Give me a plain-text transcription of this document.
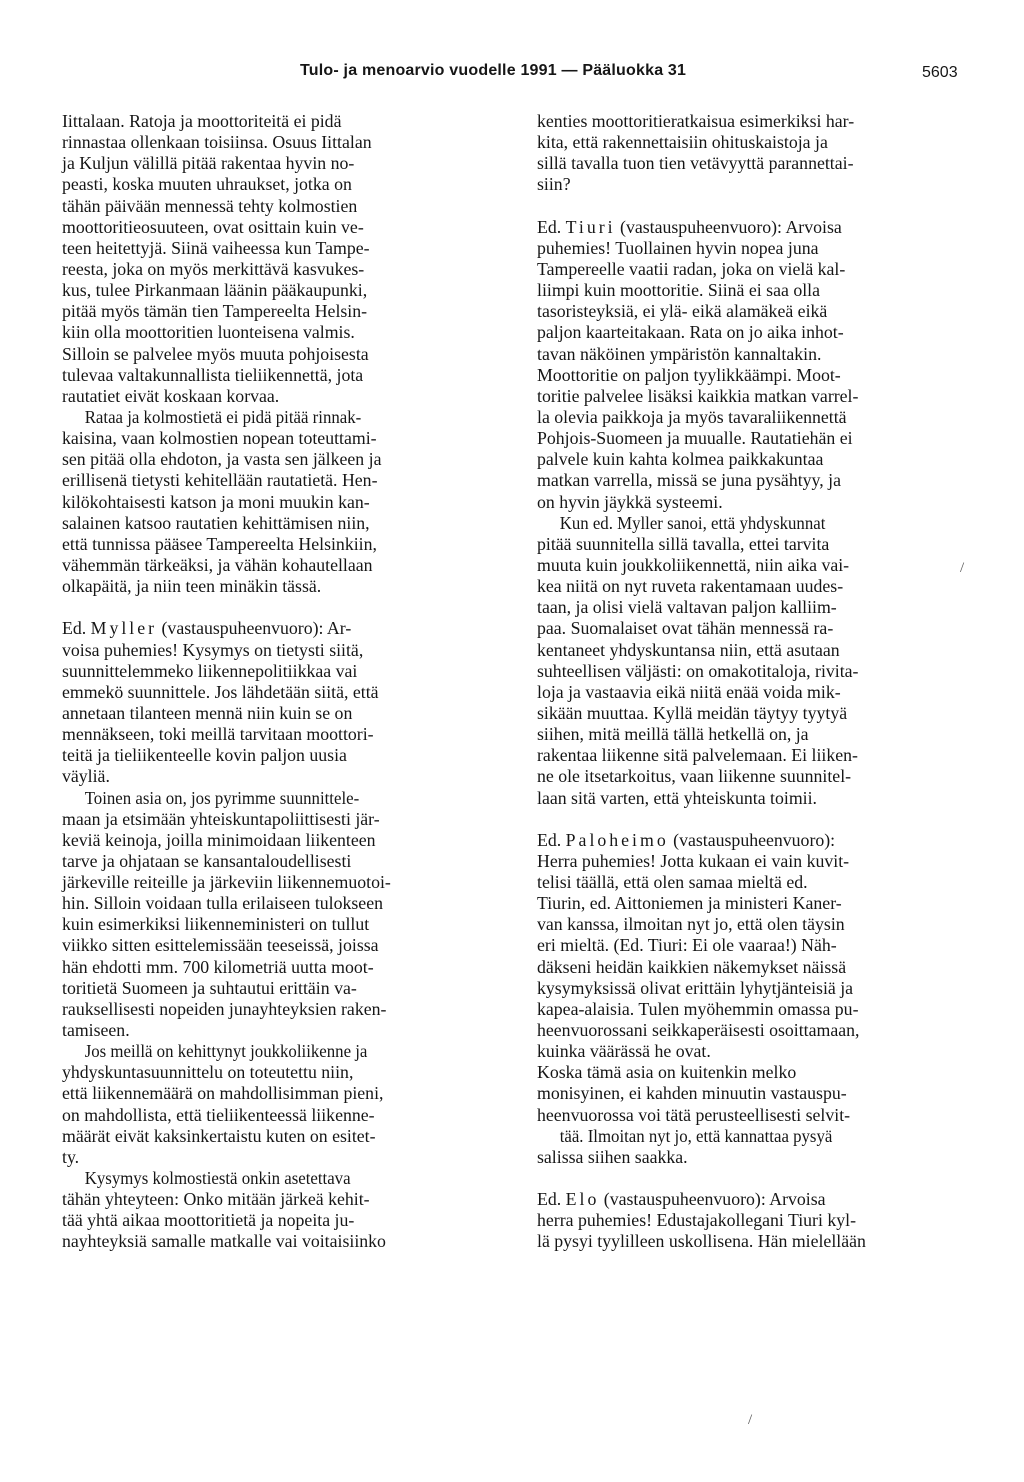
Tulo- ja menoarvio vuodelle 1991 — Pääluokka 31	5603
Iittalaan. Ratoja ja moottoriteitä ei pidä
rinnastaa ollenkaan toisiinsa. Osuus Iittalan
ja Kuljun välillä pitää rakentaa hyvin no-
peasti, koska muuten uhraukset, jotka on
tähän päivään mennessä tehty kolmostien
moottoritieosuuteen, ovat osittain kuin ve-
teen heitettyjä. Siinä vaiheessa kun Tampe-
reesta, joka on myös merkittävä kasvukes-
kus, tulee Pirkanmaan läänin pääkaupunki,
pitää myös tämän tien Tampereelta Helsin-
kiin olla moottoritien luonteisena valmis.
Silloin se palvelee myös muuta pohjoisesta
tulevaa valtakunnallista tieliikennettä, jota
rautatiet eivät koskaan korvaa.
Rataa ja kolmostietä ei pidä pitää rinnak-
kaisina, vaan kolmostien nopean toteuttami-
sen pitää olla ehdoton, ja vasta sen jälkeen ja
erillisenä tietysti kehitellään rautatietä. Hen-
kilökohtaisesti katson ja moni muukin kan-
salainen katsoo rautatien kehittämisen niin,
että tunnissa pääsee Tampereelta Helsinkiin,
vähemmän tärkeäksi, ja vähän kohautellaan
olkapäitä, ja niin teen minäkin tässä.
Ed. Myller (vastauspuheenvuoro): Ar-
voisa puhemies! Kysymys on tietysti siitä,
suunnittelemmeko liikennepolitiikkaa vai
emmekö suunnittele. Jos lähdetään siitä, että
annetaan tilanteen mennä niin kuin se on
mennäkseen, toki meillä tarvitaan moottori-
teitä ja tieliikenteelle kovin paljon uusia
väyliä.
Toinen asia on, jos pyrimme suunnittele-
maan ja etsimään yhteiskuntapoliittisesti jär-
keviä keinoja, joilla minimoidaan liikenteen
tarve ja ohjataan se kansantaloudellisesti
järkeville reiteille ja järkeviin liikennemuotoi-
hin. Silloin voidaan tulla erilaiseen tulokseen
kuin esimerkiksi liikenneministeri on tullut
viikko sitten esittelemissään teeseissä, joissa
hän ehdotti mm. 700 kilometriä uutta moot-
toritietä Suomeen ja suhtautui erittäin va-
rauksellisesti nopeiden junayhteyksien raken-
tamiseen.
Jos meillä on kehittynyt joukkoliikenne ja
yhdyskuntasuunnittelu on toteutettu niin,
että liikennemäärä on mahdollisimman pieni,
on mahdollista, että tieliikenteessä liikenne-
määrät eivät kaksinkertaistu kuten on esitet-
ty.
Kysymys kolmostiestä onkin asetettava
tähän yhteyteen: Onko mitään järkeä kehit-
tää yhtä aikaa moottoritietä ja nopeita ju-
nayhteyksiä samalle matkalle vai voitaisiinko
kenties moottoritieratkaisua esimerkiksi har-
kita, että rakennettaisiin ohituskaistoja ja
sillä tavalla tuon tien vetävyyttä parannettai-
siin?
Ed. Tiuri (vastauspuheenvuoro): Arvoisa
puhemies! Tuollainen hyvin nopea juna
Tampereelle vaatii radan, joka on vielä kal-
liimpi kuin moottoritie. Siinä ei saa olla
tasoristeyksiä, ei ylä- eikä alamäkeä eikä
paljon kaarteitakaan. Rata on jo aika inhot-
tavan näköinen ympäristön kannaltakin.
Moottoritie on paljon tyylikkäämpi. Moot-
toritie palvelee lisäksi kaikkia matkan varrel-
la olevia paikkoja ja myös tavaraliikennettä
Pohjois-Suomeen ja muualle. Rautatiehän ei
palvele kuin kahta kolmea paikkakuntaa
matkan varrella, missä se juna pysähtyy, ja
on hyvin jäykkä systeemi.
Kun ed. Myller sanoi, että yhdyskunnat
pitää suunnitella sillä tavalla, ettei tarvita
muuta kuin joukkoliikennettä, niin aika vai-
kea niitä on nyt ruveta rakentamaan uudes-
taan, ja olisi vielä valtavan paljon kalliim-
paa. Suomalaiset ovat tähän mennessä ra-
kentaneet yhdyskuntansa niin, että asutaan
suhteellisen väljästi: on omakotitaloja, rivita-
loja ja vastaavia eikä niitä enää voida mik-
sikään muuttaa. Kyllä meidän täytyy tyytyä
siihen, mitä meillä tällä hetkellä on, ja
rakentaa liikenne sitä palvelemaan. Ei liiken-
ne ole itsetarkoitus, vaan liikenne suunnitel-
laan sitä varten, että yhteiskunta toimii.
Ed. Paloheimo (vastauspuheenvuoro):
Herra puhemies! Jotta kukaan ei vain kuvit-
telisi täällä, että olen samaa mieltä ed.
Tiurin, ed. Aittoniemen ja ministeri Kaner-
van kanssa, ilmoitan nyt jo, että olen täysin
eri mieltä. (Ed. Tiuri: Ei ole vaaraa!) Näh-
däkseni heidän kaikkien näkemykset näissä
kysymyksissä olivat erittäin lyhytjänteisiä ja
kapea-alaisia. Tulen myöhemmin omassa pu-
heenvuorossani seikkaperäisesti osoittamaan,
kuinka väärässä he ovat.
Koska tämä asia on kuitenkin melko
monisyinen, ei kahden minuutin vastauspu-
heenvuorossa voi tätä perusteellisesti selvit-
tää. Ilmoitan nyt jo, että kannattaa pysyä
salissa siihen saakka.
Ed. Elo (vastauspuheenvuoro): Arvoisa
herra puhemies! Edustajakollegani Tiuri kyl-
lä pysyi tyylilleen uskollisena. Hän mielellään
/
/
